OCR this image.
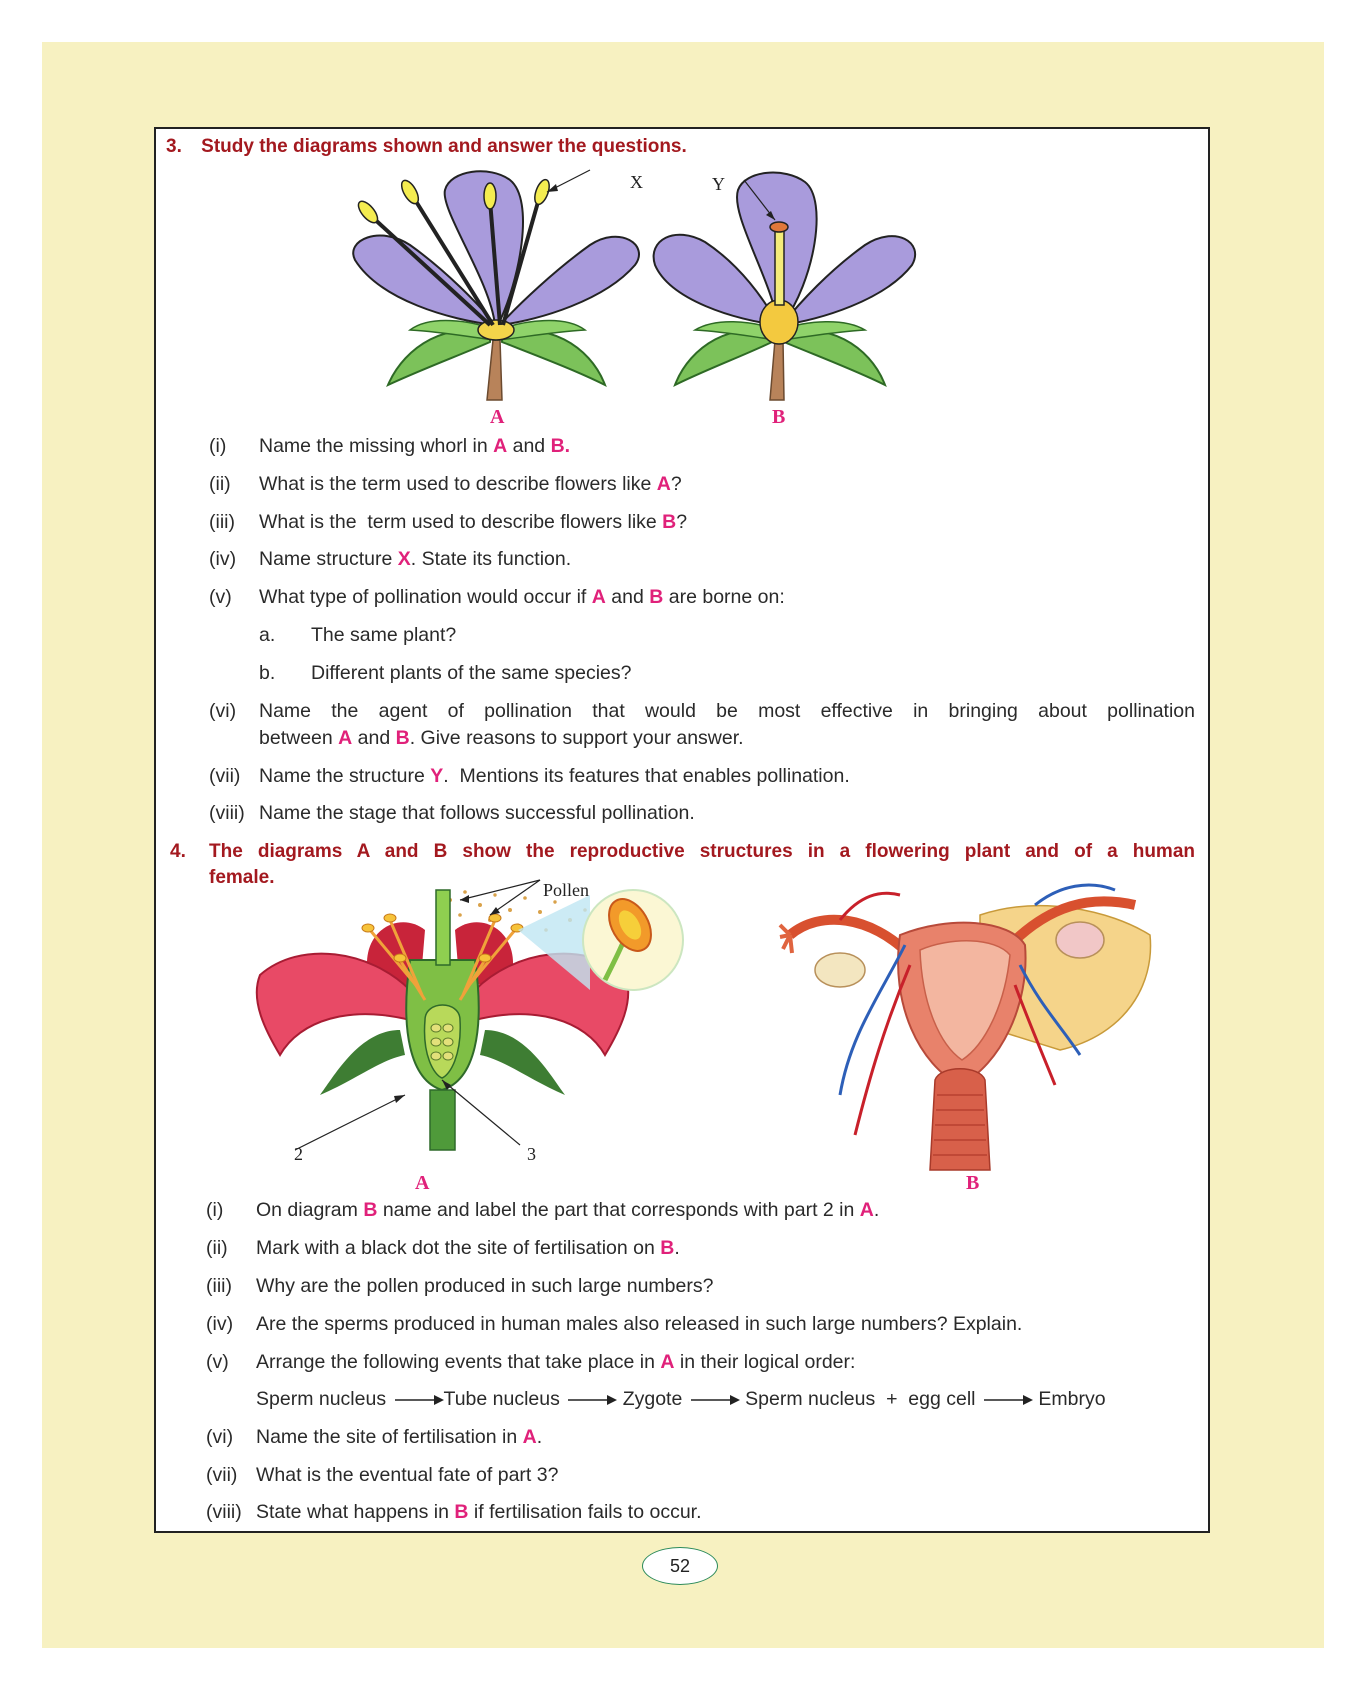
3. Study the diagrams shown and answer the questions.
X	Y
A	B
(i) Name the missing whorl in A and B.
(ii) What is the term used to describe flowers like A?
(iii) What is the  term used to describe flowers like B?
(iv) Name structure X. State its function.
(v) What type of pollination would occur if A and B are borne on:
a. The same plant?
b. Different plants of the same species?
(vi) Name the agent of pollination that would be most effective in bringing about pollination
between A and B. Give reasons to support your answer.
(vii) Name the structure Y.  Mentions its features that enables pollination.
(viii) Name the stage that follows successful pollination.
4. The diagrams A and B show the reproductive structures in a flowering plant and of a human
female.
Pollen
2	3
A	B
(i) On diagram B name and label the part that corresponds with part 2 in A.
(ii) Mark with a black dot the site of fertilisation on B.
(iii) Why are the pollen produced in such large numbers?
(iv) Are the sperms produced in human males also released in such large numbers? Explain.
(v) Arrange the following events that take place in A in their logical order:
Sperm nucleus	Tube nucleus	Zygote	Sperm nucleus  +  egg cell	Embryo
(vi) Name the site of fertilisation in A.
(vii) What is the eventual fate of part 3?
(viii) State what happens in B if fertilisation fails to occur.
52
